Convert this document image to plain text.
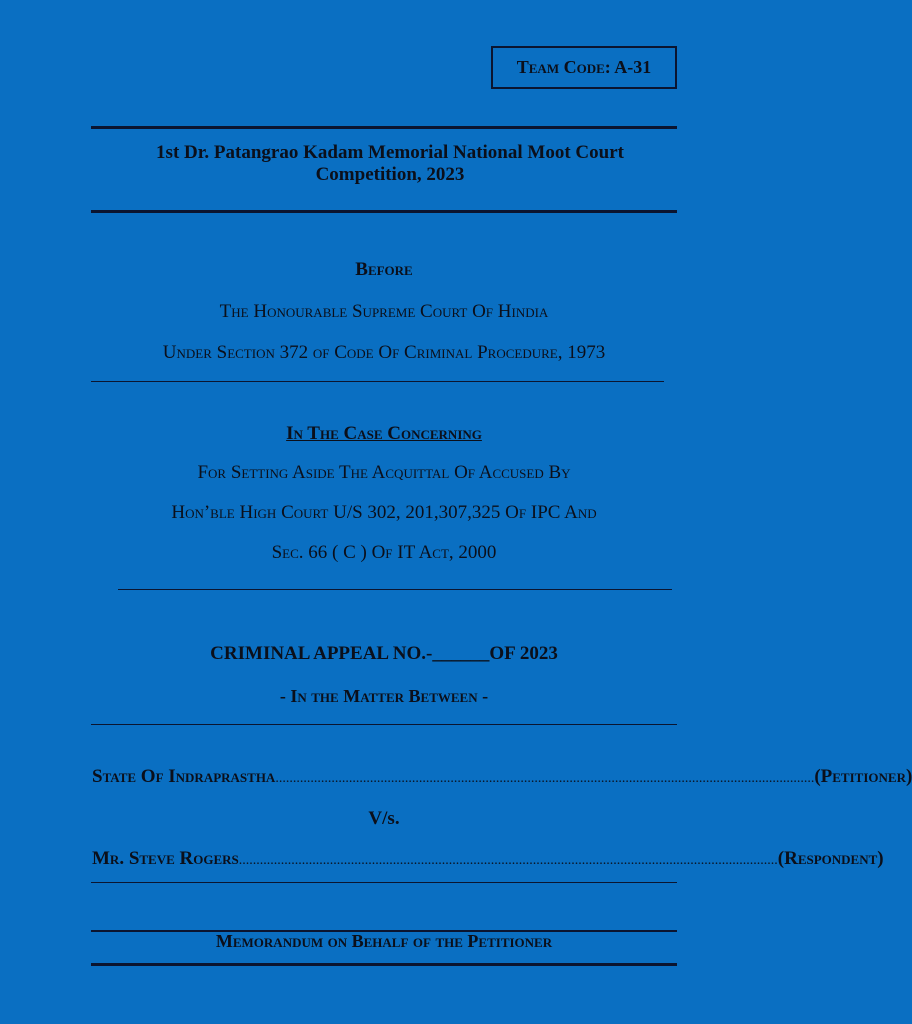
Team Code: A-31
1st Dr. Patangrao Kadam Memorial National Moot Court
Competition, 2023
Before
The Honourable Supreme Court Of Hindia
Under Section 372 of Code Of Criminal Procedure, 1973
In The Case Concerning
For Setting Aside The Acquittal Of Accused By
Hon’ble High Court U/S 302, 201,307,325 Of IPC And
Sec. 66 ( C ) Of IT Act, 2000
CRIMINAL APPEAL NO.-______OF 2023
- In the Matter Between -
State Of Indraprastha .......................................................................................................................................................... (Petitioner)
V/s.
Mr. Steve Rogers .......................................................................................................................................................... (Respondent)
Memorandum on Behalf of the Petitioner
